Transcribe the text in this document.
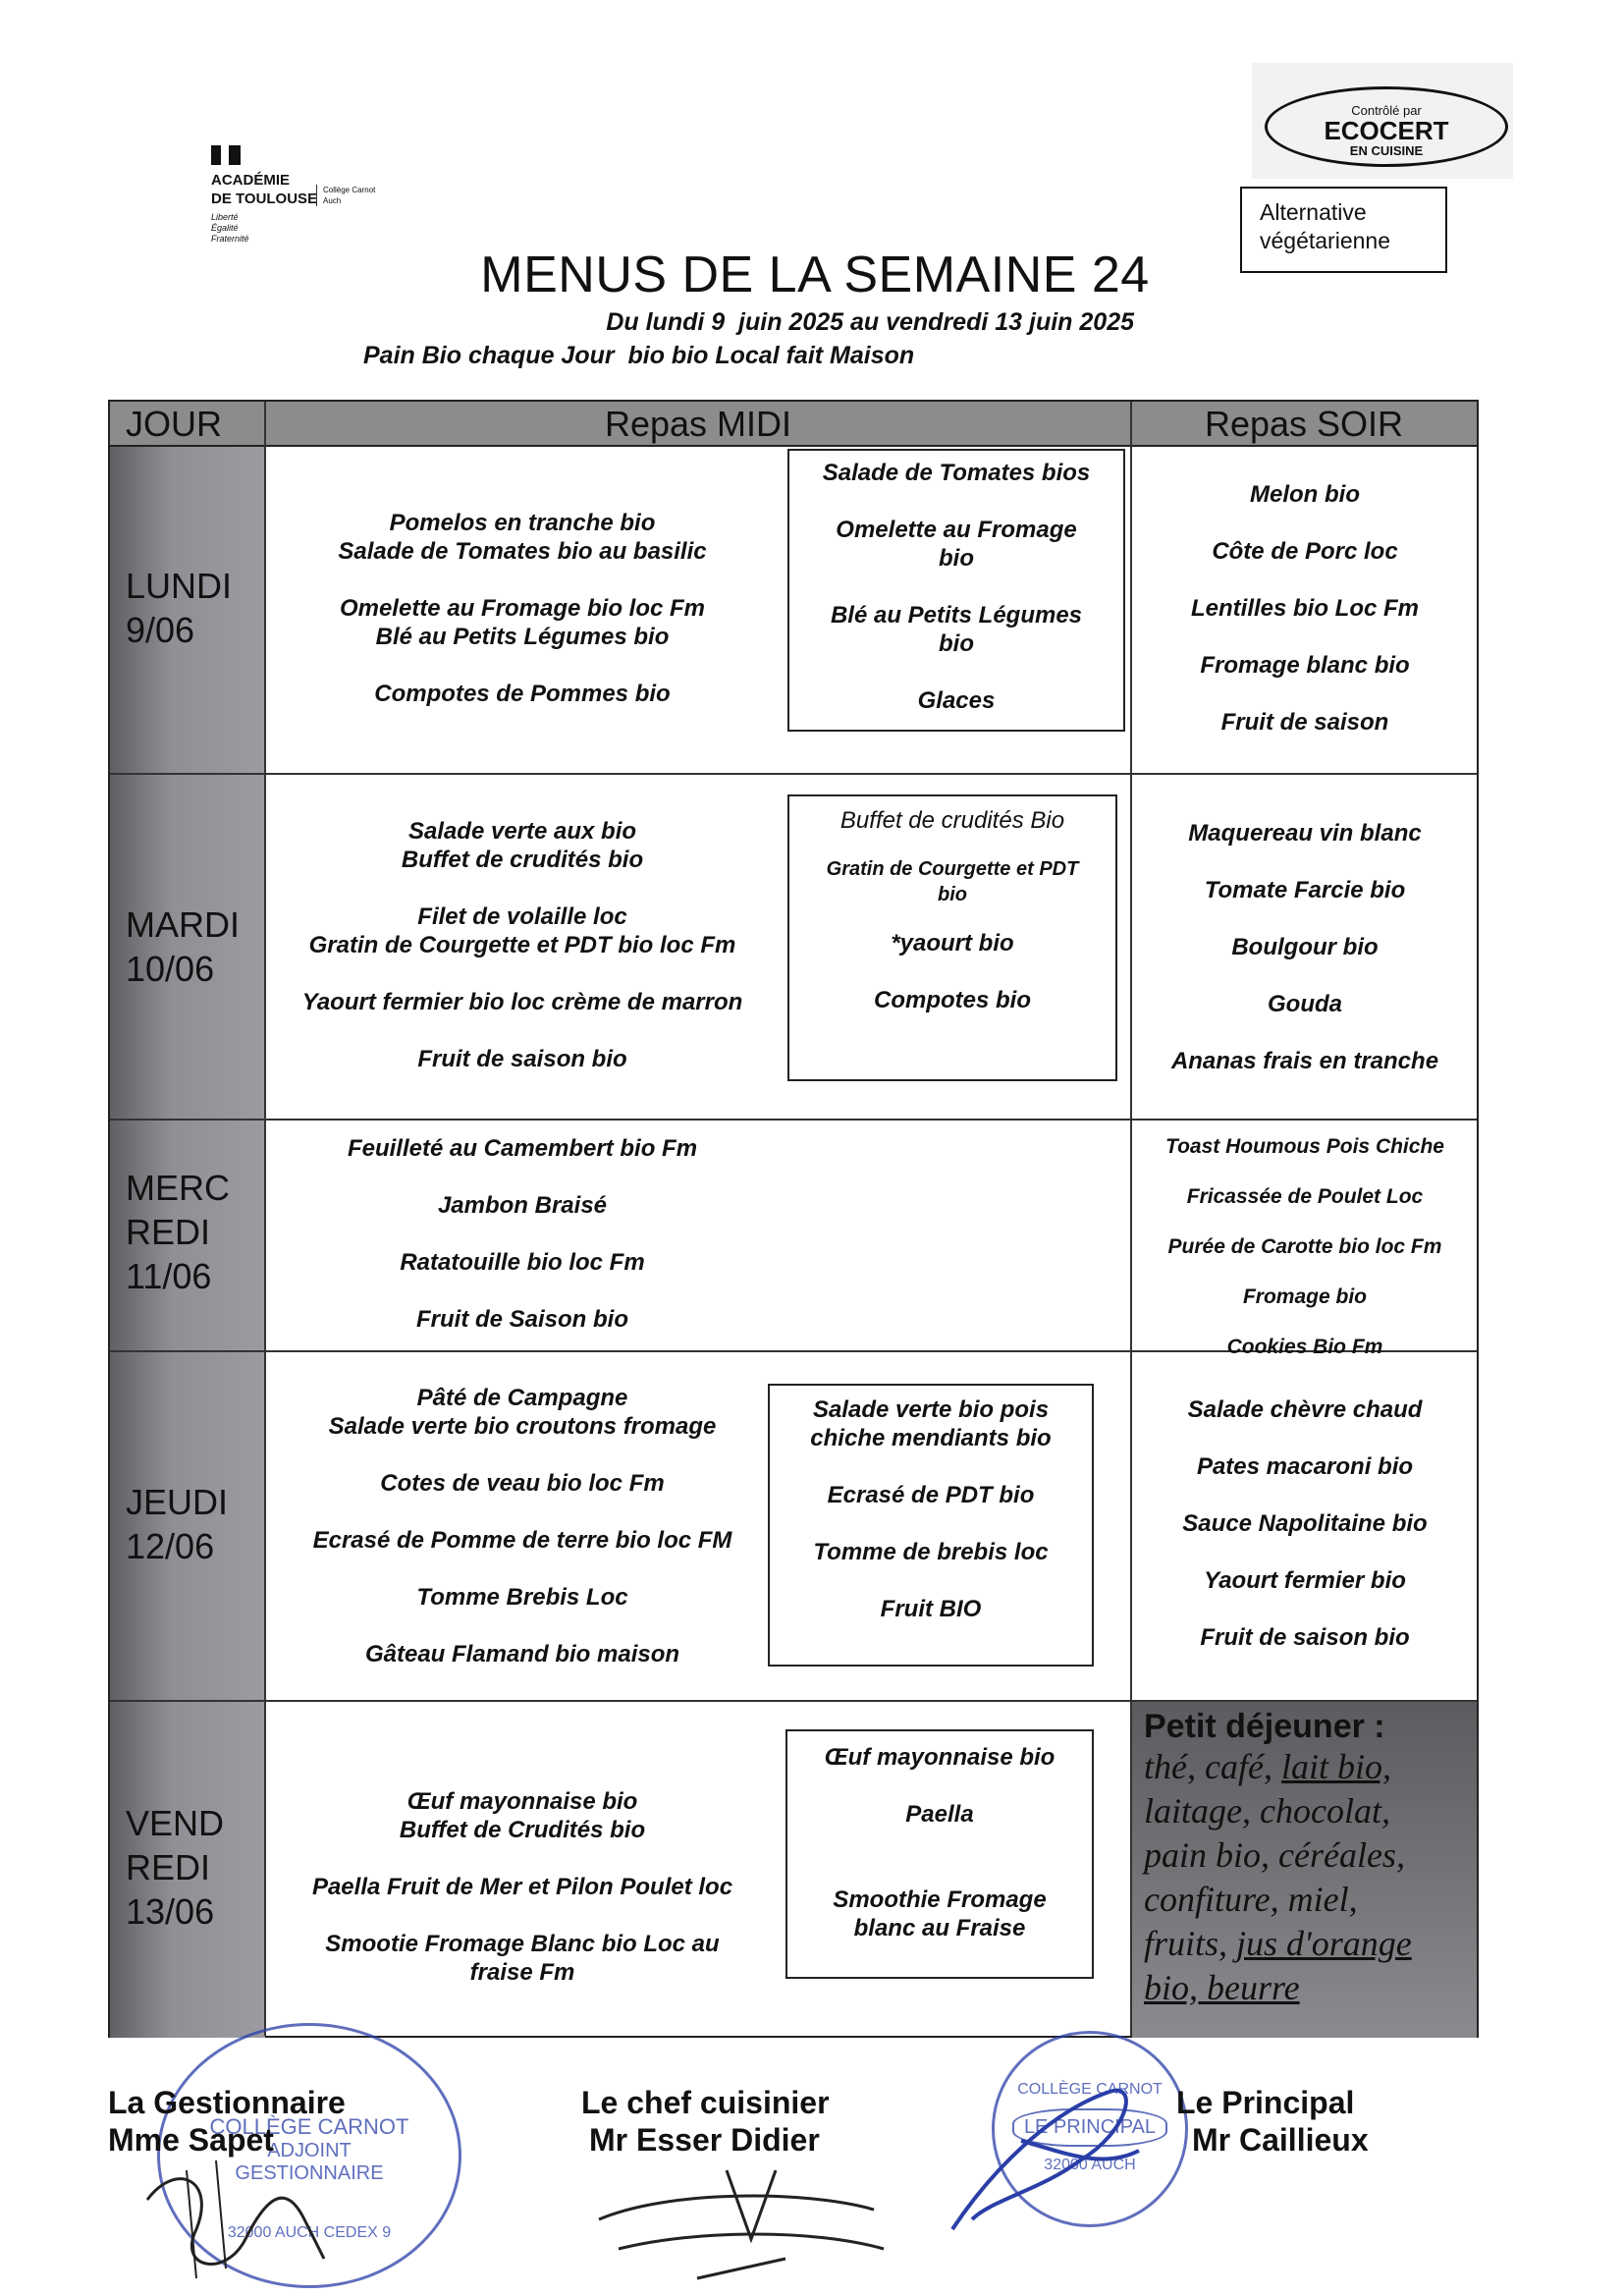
ACADÉMIE
DE TOULOUSE
Liberté
Égalité
Fraternité
Collège Carnot
Auch
Contrôlé par
ECOCERT
EN CUISINE
Alternative
végétarienne
MENUS DE LA SEMAINE 24
Du lundi 9  juin 2025 au vendredi 13 juin 2025
Pain Bio chaque Jour  bio bio Local fait Maison
JOUR	Repas MIDI	Repas SOIR
LUNDI
9/06
MARDI
10/06
MERC
REDI
11/06
JEUDI
12/06
VEND
REDI
13/06
Pomelos en tranche bio
Salade de Tomates bio au basilic
Omelette au Fromage bio loc Fm
Blé au Petits Légumes bio
Compotes de Pommes bio
Salade de Tomates bios
Omelette au Fromage
bio
Blé au Petits Légumes
bio
Glaces
Melon bio
Côte de Porc loc
Lentilles bio Loc Fm
Fromage blanc bio
Fruit de saison
Salade verte aux bio
Buffet de crudités bio
Filet de volaille loc
Gratin de Courgette et PDT bio loc Fm
Yaourt fermier bio loc crème de marron
Fruit de saison bio
Buffet de crudités Bio
Gratin de Courgette et PDT
bio
*yaourt bio
Compotes bio
Maquereau vin blanc
Tomate Farcie bio
Boulgour bio
Gouda
Ananas frais en tranche
Feuilleté au Camembert bio Fm
Jambon Braisé
Ratatouille bio loc Fm
Fruit de Saison bio
Toast Houmous Pois Chiche
Fricassée de Poulet Loc
Purée de Carotte bio loc Fm
Fromage bio
Cookies Bio Fm
Pâté de Campagne
Salade verte bio croutons fromage
Cotes de veau bio loc Fm
Ecrasé de Pomme de terre bio loc FM
Tomme Brebis Loc
Gâteau Flamand bio maison
Salade verte bio pois
chiche mendiants bio
Ecrasé de PDT bio
Tomme de brebis loc
Fruit BIO
Salade chèvre chaud
Pates macaroni bio
Sauce Napolitaine bio
Yaourt fermier bio
Fruit de saison bio
Œuf mayonnaise bio
Buffet de Crudités bio
Paella Fruit de Mer et Pilon Poulet loc
Smootie Fromage Blanc bio Loc au
fraise Fm
Œuf mayonnaise bio
Paella
Smoothie Fromage
blanc au Fraise
Petit déjeuner :
thé, café, lait bio,
laitage, chocolat,
pain bio, céréales,
confiture, miel,
fruits, jus d'orange
bio, beurre
COLLÈGE CARNOT
ADJOINT
GESTIONNAIRE
32000 AUCH CEDEX 9
COLLÈGE CARNOT
LE PRINCIPAL
32000 AUCH
La Gestionnaire
Mme Sapet
Le chef cuisinier
Mr Esser Didier
Le Principal
Mr Caillieux
